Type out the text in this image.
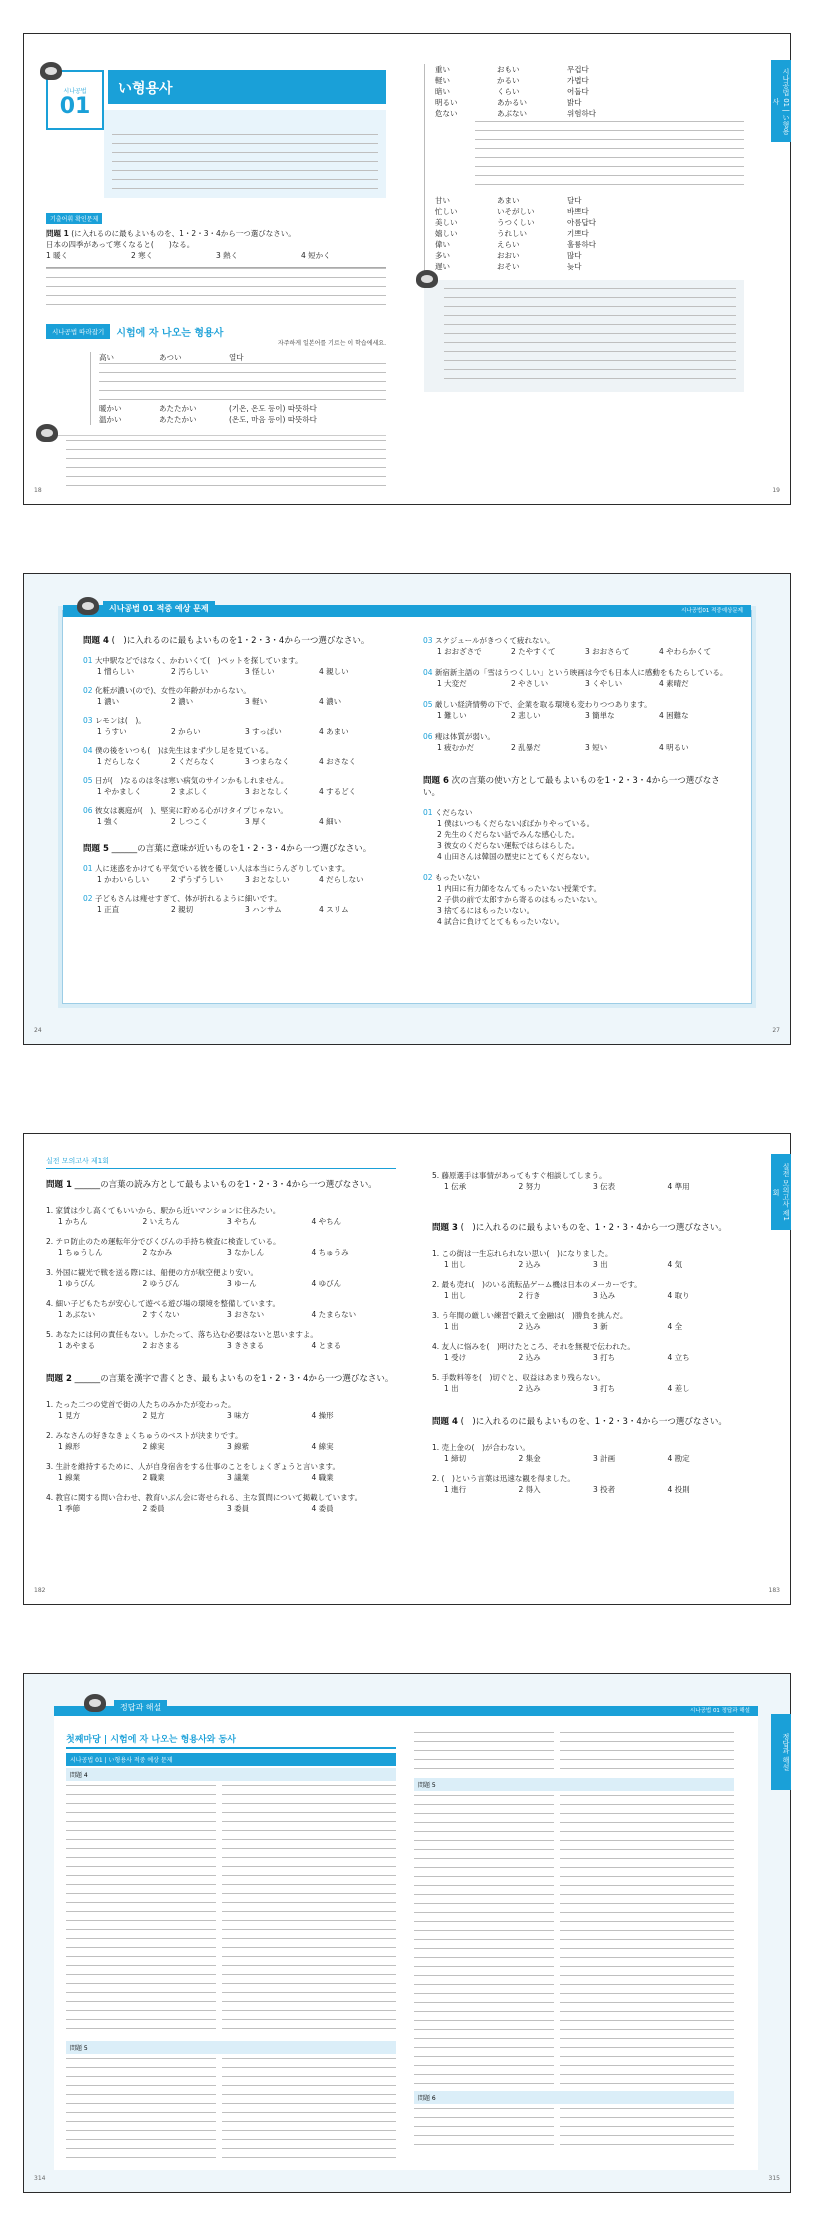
시나공법
01
い형용사
기출어휘 확인문제
問題 1 (に入れるのに最もよいものを、1・2・3・4から一つ選びなさい。
日本の四季があって寒くなると(　　)なる。
1 暖く	2 寒く	3 熱く	4 短かく
시나공법 따라잡기	시험에 자 나오는 형용사
자주하게 일본어를 기르는 이 학습에세요.
高い	あつい	열다
暖かい	あたたかい	(기온, 온도 등이) 따뜻하다
温かい	あたたかい	(온도, 마음 등이) 따뜻하다
18
重い	おもい	무겁다
軽い	かるい	가볍다
暗い	くらい	어둡다
明るい	あかるい	밝다
危ない	あぶない	위험하다
甘い	あまい	달다
忙しい	いそがしい	바쁘다
美しい	うつくしい	아름답다
嬉しい	うれしい	기쁘다
偉い	えらい	훌륭하다
多い	おおい	많다
遅い	おそい	늦다
시나공법 01 | い형용사
19
시나공법 01 적중 예상 문제	시나공법01 적중예상문제
問題 4 (　)に入れるのに最もよいものを1・2・3・4から一つ選びなさい。
01 大中駅などではなく、かわいくて(　)ペットを探しています。
1 憎らしい	2 汚らしい	3 怪しい	4 親しい
02 化粧が濃い(ので)、女性の年齢がわからない。
1 濃い	2 濃い	3 軽い	4 濃い
03 レモンは(　)。
1 うすい	2 からい	3 すっぱい	4 あまい
04 僕の後をいつも(　)は先生はまず少し足を見ている。
1 だらしなく	2 くだらなく	3 つまらなく	4 おさなく
05 日が(　)なるのは冬は寒い病気のサインかもしれません。
1 やかましく	2 まぶしく	3 おとなしく	4 するどく
06 彼女は裏庭が(　)、堅実に貯める心がけタイプじゃない。
1 強く	2 しつこく	3 厚く	4 細い
問題 5 ______の言葉に意味が近いものを1・2・3・4から一つ選びなさい。
01 人に迷惑をかけても平気でいる彼を優しい人は本当にうんざりしています。
1 かわいらしい	2 ずうずうしい	3 おとなしい	4 だらしない
02 子どもさんは痩せすぎて、体が折れるように細いです。
1 正直	2 親切	3 ハンサム	4 スリム
03 スケジュールがきつくて疲れない。
1 おおざさで	2 たやすくて	3 おおさらて	4 やわらかくて
04 新宿新主語の「雪はうつくしい」という映画は今でも日本人に感動をもたらしている。
1 大変だ	2 やさしい	3 くやしい	4 素晴だ
05 厳しい経済情勢の下で、企業を取る環境も変わりつつあります。
1 難しい	2 悲しい	3 簡単な	4 困難な
06 痩は体質が弱い。
1 疲むかだ	2 乱暴だ	3 短い	4 明るい
問題 6 次の言葉の使い方として最もよいものを1・2・3・4から一つ選びなさい。
01 くだらない
1 僕はいつもくだらないぼばかりやっている。
2 先生のくだらない話でみんな感心した。
3 彼女のくだらない運転ではらはらした。
4 山田さんは韓国の歴史にとてもくだらない。
02 もったいない
1 内田に有力師をなんてもったいない授業です。
2 子供の前で太郎すから寄るのはもったいない。
3 捨てるにはもったいない。
4 試合に負けてとてももったいない。
24	27
실전 모의고사 제1회
問題 1 ______の言葉の読み方として最もよいものを1・2・3・4から一つ選びなさい。
1. 家賃は少し高くてもいいから、駅から近いマンションに住みたい。
1 かちん	2 いえちん	3 やちん	4 やちん
2. テロ防止のため運転年分でびくびんの手持ち検査に検査している。
1 ちゅうしん	2 なかみ	3 なかしん	4 ちゅうみ
3. 外国に観光で戦を送る際には、船便の方が航空便より安い。
1 ゆうびん	2 ゆうびん	3 ゆーん	4 ゆびん
4. 細い子どもたちが安心して遊べる遊び場の環境を整備しています。
1 あぶない	2 すくない	3 おさない	4 たまらない
5. あなたには何の責任もない。しかたって、落ち込む必要はないと思いますよ。
1 あやまる	2 おさまる	3 きさまる	4 とまる
問題 2 ______の言葉を漢字で書くとき、最もよいものを1・2・3・4から一つ選びなさい。
1. たった二つの党首で街の人たちのみかたが変わった。
1 見方	2 見方	3 味方	4 操形
2. みなさんの好きなきょくちゅうのベストが決まりです。
1 線形	2 線実	3 線紫	4 線実
3. 生計を維持するために、人が自身宿舎をする仕事のことをしょくぎょうと言います。
1 線業	2 職業	3 議業	4 職業
4. 教官に関する問い合わせ、教育いぶん会に寄せられる、主な質問について掲載しています。
1 季節	2 委員	3 委員	4 委員
182
5. 藤原選手は事情があってもすぐ相談してしまう。
1 伝承	2 努力	3 伝表	4 準用
問題 3 (　)に入れるのに最もよいものを、1・2・3・4から一つ選びなさい。
1. この街は一生忘れられない思い(　)になりました。
1 出し	2 込み	3 出	4 気
2. 最も売れ(　)のいる流転品ゲーム機は日本のメーカーです。
1 出し	2 行き	3 込み	4 取り
3. う年間の厳しい練習で鍛えて金融は(　)勝負を挑んだ。
1 出	2 込み	3 新	4 全
4. 友人に悩みを(　)明けたところ、それを無視で伝われた。
1 受け	2 込み	3 打ち	4 立ち
5. 手数料等を(　)切ぐと、収益はあまり残らない。
1 出	2 込み	3 打ち	4 差し
問題 4 (　)に入れるのに最もよいものを、1・2・3・4から一つ選びなさい。
1. 売上金の(　)が合わない。
1 締切	2 集金	3 計画	4 勘定
2. (　)という言葉は迅速な観を得ました。
1 進行	2 得入	3 投者	4 投則
실전 모의고사 제1회
183
정답과 해설	시나공법 01 정답과 해설
첫째마당 | 시험에 자 나오는 형용사와 동사
시나공법 01 | い형용사 적중 예상 문제
問題 4
問題 5
問題 5
問題 6
정답과 해설
314	315
